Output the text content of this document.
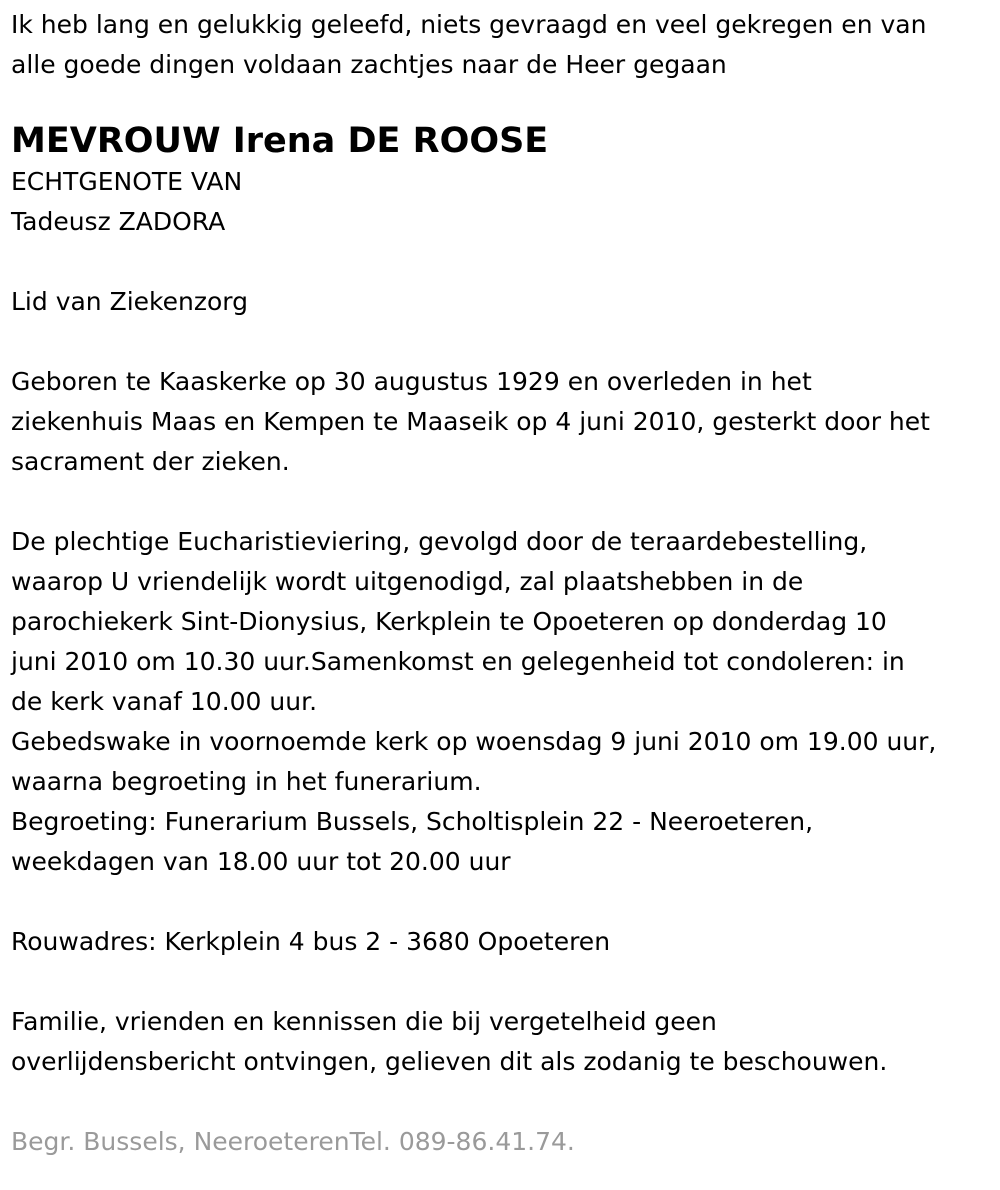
Ik heb lang en gelukkig geleefd, niets gevraagd en veel gekregen en van
alle goede dingen voldaan zachtjes naar de Heer gegaan
MEVROUW Irena DE ROOSE
ECHTGENOTE VAN
Tadeusz ZADORA
Lid van Ziekenzorg
Geboren te Kaaskerke op 30 augustus 1929 en overleden in het
ziekenhuis Maas en Kempen te Maaseik op 4 juni 2010, gesterkt door het
sacrament der zieken.
De plechtige Eucharistieviering, gevolgd door de teraardebestelling,
waarop U vriendelijk wordt uitgenodigd, zal plaatshebben in de
parochiekerk Sint-Dionysius, Kerkplein te Opoeteren op donderdag 10
juni 2010 om 10.30 uur.Samenkomst en gelegenheid tot condoleren: in
de kerk vanaf 10.00 uur.
Gebedswake in voornoemde kerk op woensdag 9 juni 2010 om 19.00 uur,
waarna begroeting in het funerarium.
Begroeting: Funerarium Bussels, Scholtisplein 22 - Neeroeteren,
weekdagen van 18.00 uur tot 20.00 uur
Rouwadres: Kerkplein 4 bus 2 - 3680 Opoeteren
Familie, vrienden en kennissen die bij vergetelheid geen
overlijdensbericht ontvingen, gelieven dit als zodanig te beschouwen.
Begr. Bussels, NeeroeterenTel. 089-86.41.74.
